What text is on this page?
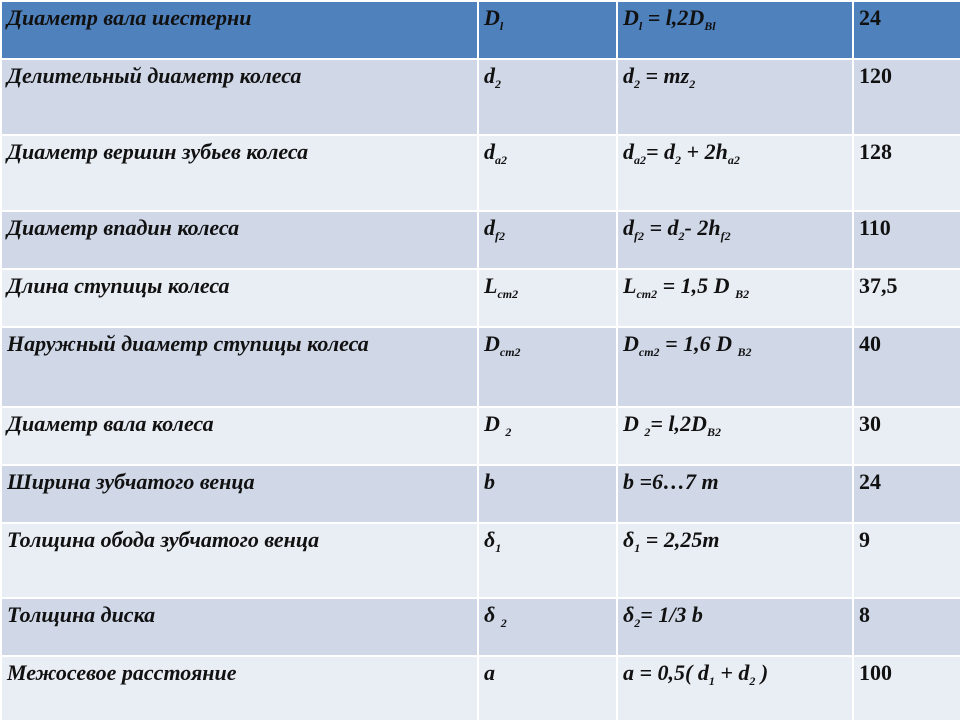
Диаметр вала шестерни	$D_l$	$D_l = l,2D_{Bl}$	24
Делительный диаметр колеса	$d_2$	$d_2 = mz_2$	120
Диаметр вершин зубьев колеса	$d_{a2}$	$d_{a2}= d_2 + 2h_{a2}$	128
Диаметр впадин колеса	$d_{f2}$	$d_{f2} = d_2-$ $2h_{f2}$	110
Длина ступицы колеса	$L_{cm2}$	$L_{cm2} = 1,5$ D $_{B2}$	37,5
Наружный диаметр ступицы колеса	$D_{cm2}$	$D_{cm2} = 1,6$ D $_{B2}$	40
Диаметр вала колеса	D $_2$	D $_2= l,2D_{B2}$	30
Ширина зубчатого венца	b	b =6…7 m	24
Толщина обода зубчатого венца	$\delta_1$	$\delta_1 = 2,25m$	9
Толщина диска	δ $_2$	$\delta_2= 1/3$ b	8
Межосевое расстояние	a	a = 0,5( $d_1 + d_2$ )	100
